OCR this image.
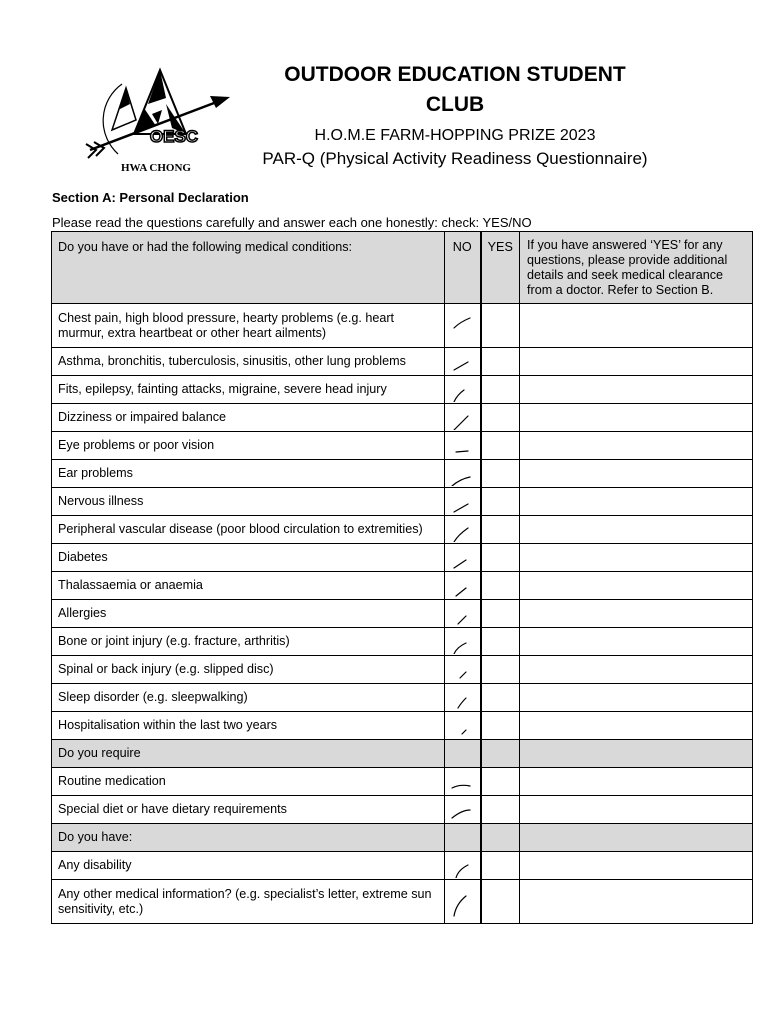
OESC
HWA CHONG
OUTDOOR EDUCATION STUDENT
CLUB
H.O.M.E FARM-HOPPING PRIZE 2023
PAR-Q (Physical Activity Readiness Questionnaire)
Section A: Personal Declaration
Please read the questions carefully and answer each one honestly: check: YES/NO
Do you have or had the following medical conditions:	NO	YES	If you have answered ‘YES’ for any questions, please provide additional details and seek medical clearance from a doctor. Refer to Section B.
Chest pain, high blood pressure, hearty problems (e.g. heart murmur, extra heartbeat or other heart ailments)	

Asthma, bronchitis, tuberculosis, sinusitis, other lung problems	

Fits, epilepsy, fainting attacks, migraine, severe head injury	

Dizziness or impaired balance	

Eye problems or poor vision	

Ear problems	

Nervous illness	

Peripheral vascular disease (poor blood circulation to extremities)	

Diabetes	

Thalassaemia or anaemia	

Allergies	

Bone or joint injury (e.g. fracture, arthritis)	

Spinal or back injury (e.g. slipped disc)	

Sleep disorder (e.g. sleepwalking)	

Hospitalisation within the last two years	

Do you require			
Routine medication	

Special diet or have dietary requirements	

Do you have:			
Any disability	

Any other medical information? (e.g. specialist’s letter, extreme sun sensitivity, etc.)	
